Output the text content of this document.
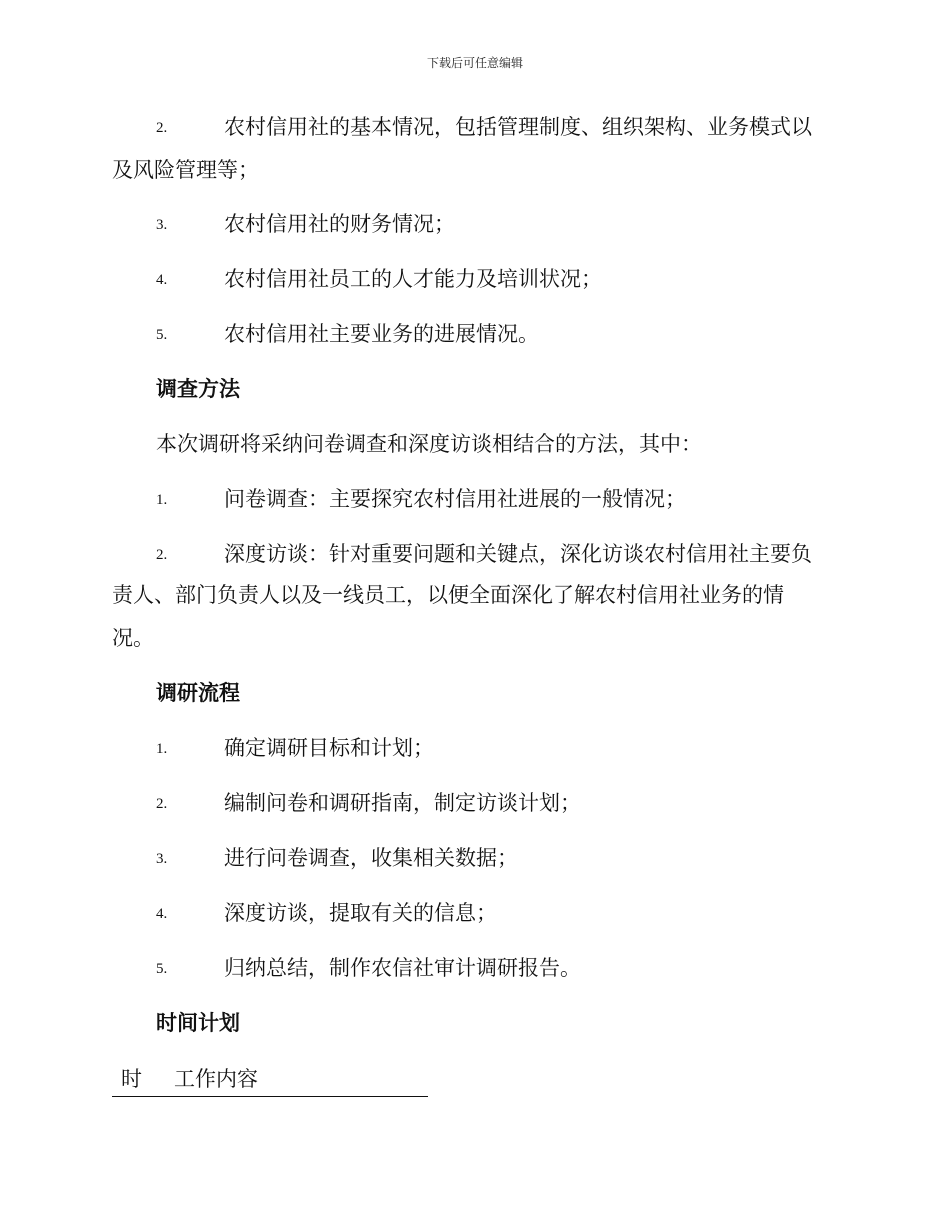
下载后可任意编辑
2.	农村信用社的基本情况，包括管理制度、组织架构、业务模式以
及风险管理等；
3.	农村信用社的财务情况；
4.	农村信用社员工的人才能力及培训状况；
5.	农村信用社主要业务的进展情况。
调查方法
本次调研将采纳问卷调查和深度访谈相结合的方法，其中：
1.	问卷调查：主要探究农村信用社进展的一般情况；
2.	深度访谈：针对重要问题和关键点，深化访谈农村信用社主要负
责人、部门负责人以及一线员工，以便全面深化了解农村信用社业务的情
况。
调研流程
1.	确定调研目标和计划；
2.	编制问卷和调研指南，制定访谈计划；
3.	进行问卷调查，收集相关数据；
4.	深度访谈，提取有关的信息；
5.	归纳总结，制作农信社审计调研报告。
时间计划
时 工作内容
